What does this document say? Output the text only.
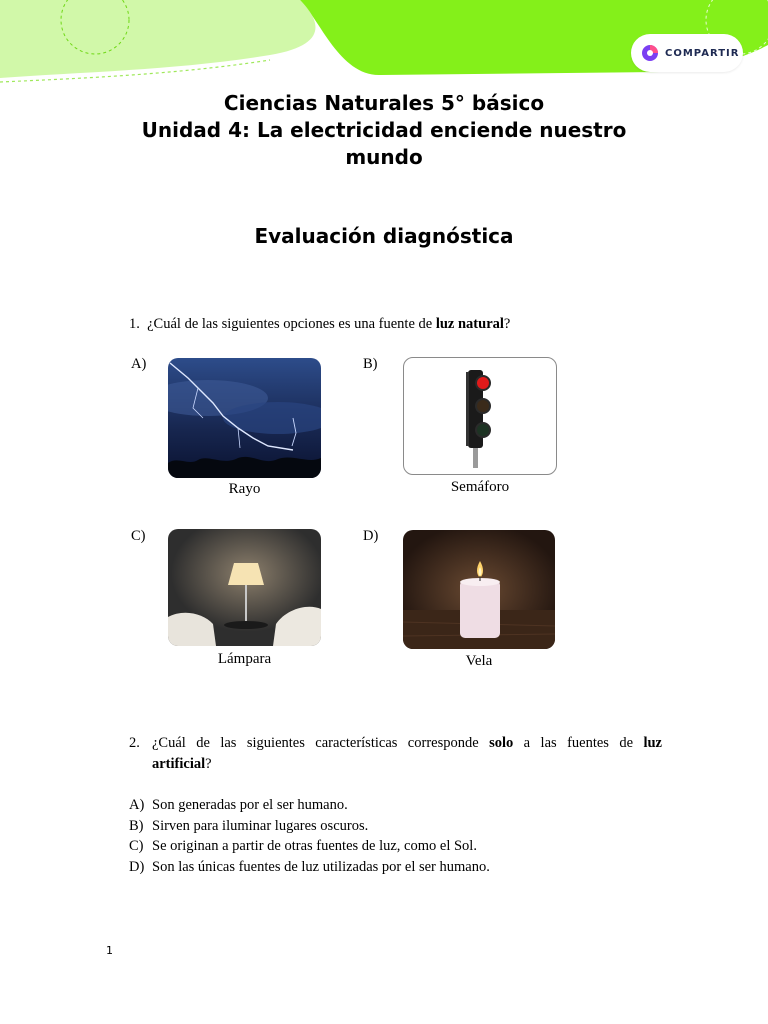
COMPARTIR
Ciencias Naturales 5° básico
Unidad 4: La electricidad enciende nuestro
mundo
Evaluación diagnóstica
1. ¿Cuál de las siguientes opciones es una fuente de luz natural?
A)
Rayo
B)
Semáforo
C)
Lámpara
D)
Vela
2. ¿Cuál de las siguientes características corresponde solo a las fuentes de luz
artificial?
A) Son generadas por el ser humano.
B) Sirven para iluminar lugares oscuros.
C) Se originan a partir de otras fuentes de luz, como el Sol.
D) Son las únicas fuentes de luz utilizadas por el ser humano.
1
